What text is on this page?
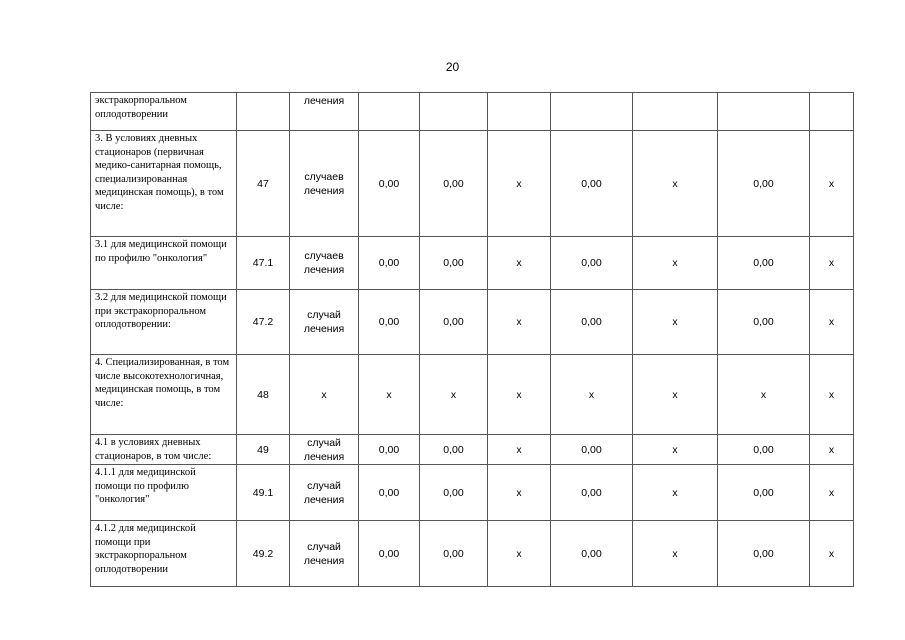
20
экстракорпоральном оплодотворении		лечения							
3. В условиях дневных стационаров (первичная медико-санитарная помощь, специализированная медицинская помощь), в том числе:	47	случаев лечения	0,00	0,00	x	0,00	x	0,00	x
3.1 для медицинской помощи по профилю "онкология"	47.1	случаев лечения	0,00	0,00	x	0,00	x	0,00	x
3.2 для медицинской помощи при экстракорпоральном оплодотворении:	47.2	случай лечения	0,00	0,00	x	0,00	x	0,00	x
4. Специализированная, в том числе высокотехнологичная, медицинская помощь, в том числе:	48	x	x	x	x	x	x	x	x
4.1 в условиях дневных стационаров, в том числе:	49	случай лечения	0,00	0,00	x	0,00	x	0,00	x
4.1.1 для медицинской помощи по профилю "онкология"	49.1	случай лечения	0,00	0,00	x	0,00	x	0,00	x
4.1.2 для медицинской помощи при экстракорпоральном оплодотворении	49.2	случай лечения	0,00	0,00	x	0,00	x	0,00	x
